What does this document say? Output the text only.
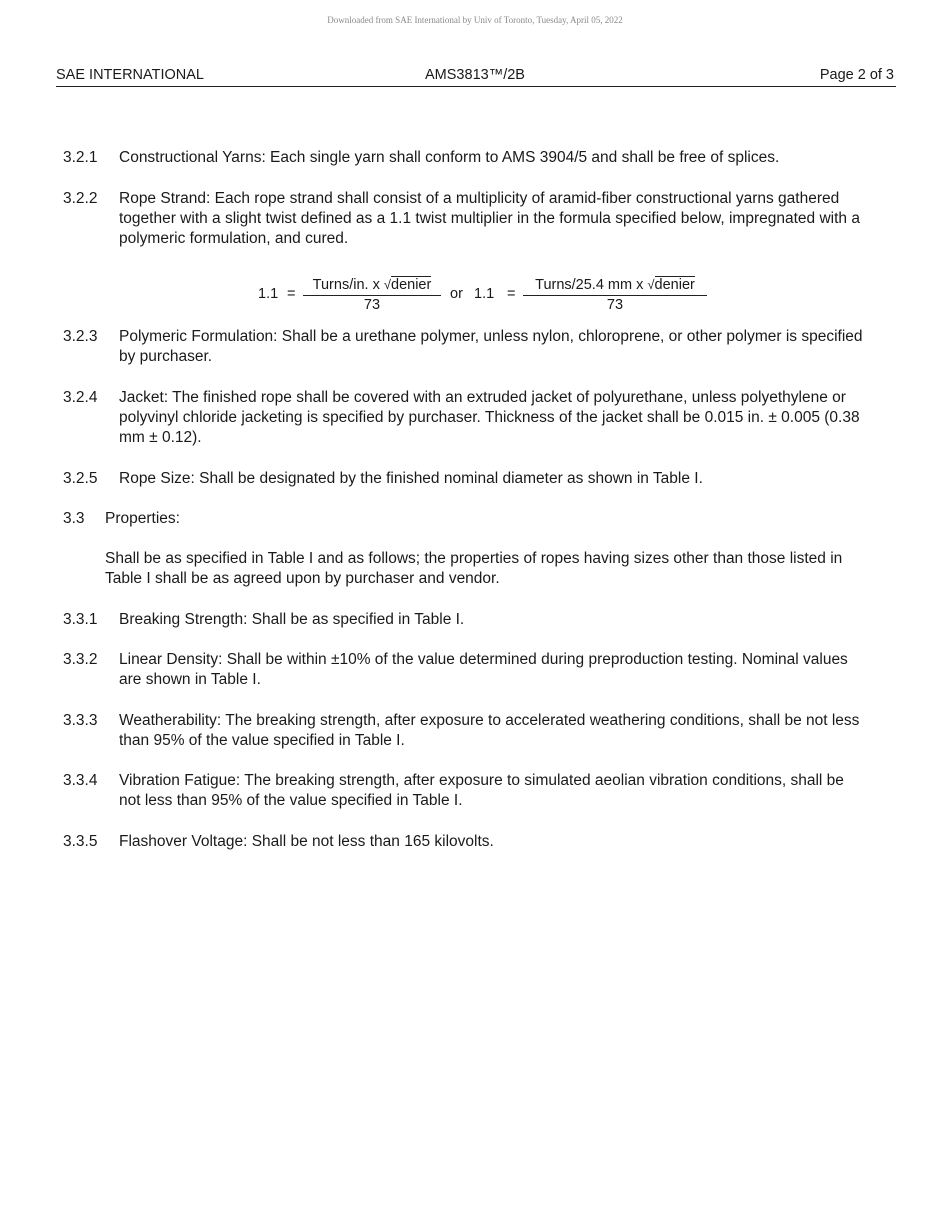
Downloaded from SAE International by Univ of Toronto, Tuesday, April 05, 2022
SAE INTERNATIONAL	AMS3813™/2B	Page 2 of 3
3.2.1 Constructional Yarns: Each single yarn shall conform to AMS 3904/5 and shall be free of splices.
3.2.2 Rope Strand: Each rope strand shall consist of a multiplicity of aramid-fiber constructional yarns gathered together with a slight twist defined as a 1.1 twist multiplier in the formula specified below, impregnated with a polymeric formulation, and cured.
1.1 =
Turns/in. x √denier
73
or 1.1 =
Turns/25.4 mm x √denier
73
3.2.3 Polymeric Formulation: Shall be a urethane polymer, unless nylon, chloroprene, or other polymer is specified by purchaser.
3.2.4 Jacket: The finished rope shall be covered with an extruded jacket of polyurethane, unless polyethylene or polyvinyl chloride jacketing is specified by purchaser. Thickness of the jacket shall be 0.015 in. ± 0.005 (0.38 mm ± 0.12).
3.2.5 Rope Size: Shall be designated by the finished nominal diameter as shown in Table I.
3.3 Properties:
Shall be as specified in Table I and as follows; the properties of ropes having sizes other than those listed in Table I shall be as agreed upon by purchaser and vendor.
3.3.1 Breaking Strength: Shall be as specified in Table I.
3.3.2 Linear Density: Shall be within ±10% of the value determined during preproduction testing. Nominal values are shown in Table I.
3.3.3 Weatherability: The breaking strength, after exposure to accelerated weathering conditions, shall be not less than 95% of the value specified in Table I.
3.3.4 Vibration Fatigue: The breaking strength, after exposure to simulated aeolian vibration conditions, shall be not less than 95% of the value specified in Table I.
3.3.5 Flashover Voltage: Shall be not less than 165 kilovolts.
